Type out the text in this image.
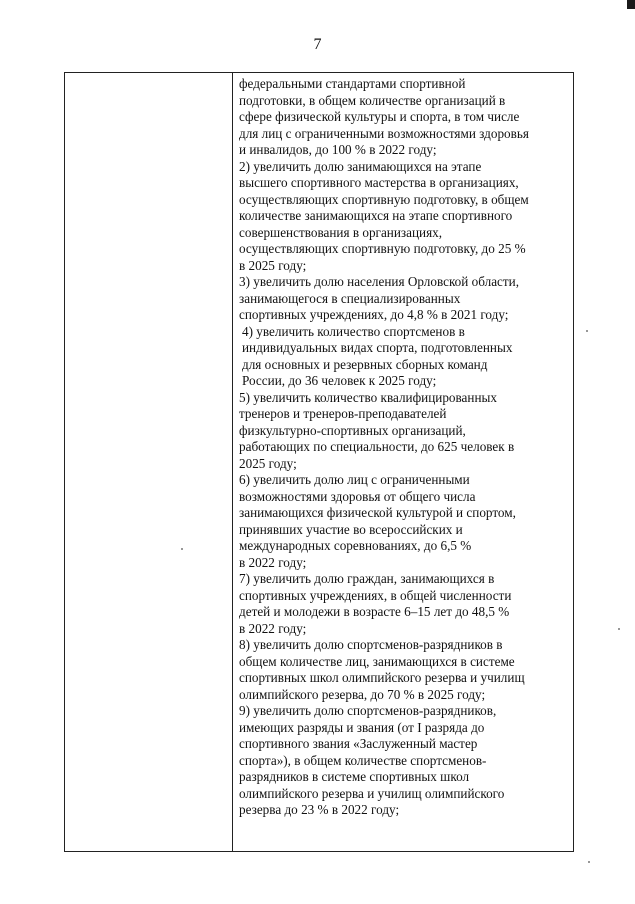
7

федеральными стандартами спортивной
подготовки, в общем количестве организаций в
сфере физической культуры и спорта, в том числе
для лиц с ограниченными возможностями здоровья
и инвалидов, до 100 % в 2022 году;

2) увеличить долю занимающихся на этапе
высшего спортивного мастерства в организациях,
осуществляющих спортивную подготовку, в общем
количестве занимающихся на этапе спортивного
совершенствования в организациях,
осуществляющих спортивную подготовку, до 25 %
в 2025 году;

3) увеличить долю населения Орловской области,
занимающегося в специализированных
спортивных учреждениях, до 4,8 % в 2021 году;

4) увеличить количество спортсменов в
индивидуальных видах спорта, подготовленных
для основных и резервных сборных команд
России, до 36 человек к 2025 году;

5) увеличить количество квалифицированных
тренеров и тренеров-преподавателей
физкультурно-спортивных организаций,
работающих по специальности, до 625 человек в
2025 году;

6) увеличить долю лиц с ограниченными
возможностями здоровья от общего числа
занимающихся физической культурой и спортом,
принявших участие во всероссийских и
международных соревнованиях, до 6,5 %
в 2022 году;

7) увеличить долю граждан, занимающихся в
спортивных учреждениях, в общей численности
детей и молодежи в возрасте 6–15 лет до 48,5 %
в 2022 году;

8) увеличить долю спортсменов-разрядников в
общем количестве лиц, занимающихся в системе
спортивных школ олимпийского резерва и училищ
олимпийского резерва, до 70 % в 2025 году;

9) увеличить долю спортсменов-разрядников,
имеющих разряды и звания (от I разряда до
спортивного звания «Заслуженный мастер
спорта»), в общем количестве спортсменов-
разрядников в системе спортивных школ
олимпийского резерва и училищ олимпийского
резерва до 23 % в 2022 году;
